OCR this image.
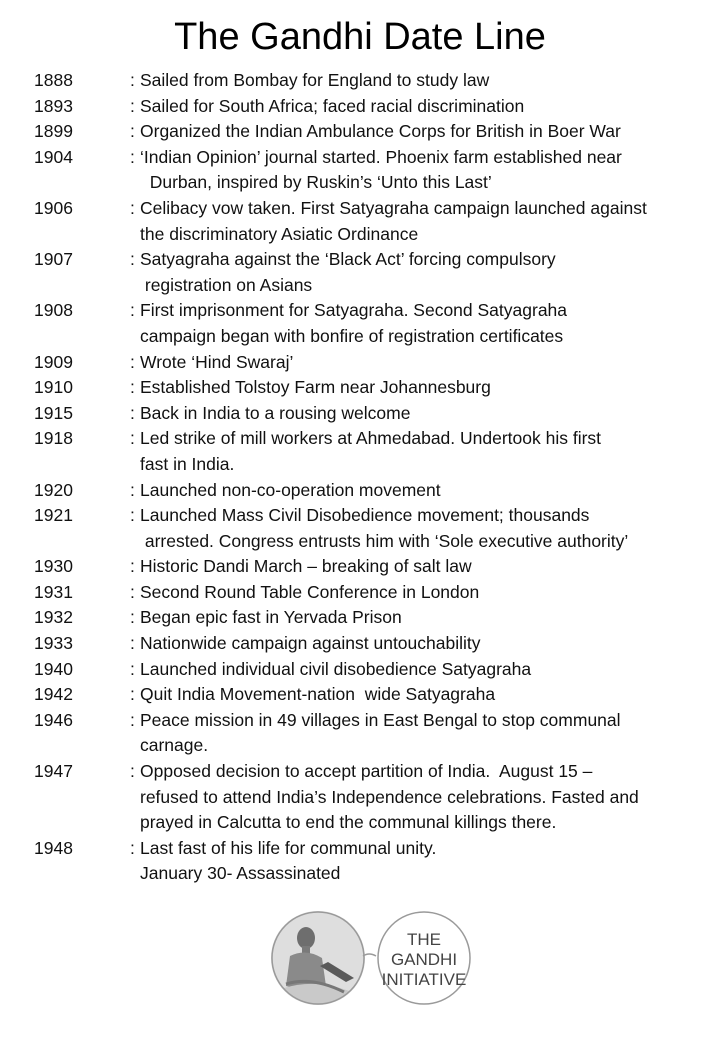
The Gandhi Date Line
1888	: Sailed from Bombay for England to study law
1893	: Sailed for South Africa; faced racial discrimination
1899	: Organized the Indian Ambulance Corps for British in Boer War
1904	: ‘Indian Opinion’ journal started. Phoenix farm established near
Durban, inspired by Ruskin’s ‘Unto this Last’
1906	: Celibacy vow taken. First Satyagraha campaign launched against
the discriminatory Asiatic Ordinance
1907	: Satyagraha against the ‘Black Act’ forcing compulsory
registration on Asians
1908	: First imprisonment for Satyagraha. Second Satyagraha
campaign began with bonfire of registration certificates
1909	: Wrote ‘Hind Swaraj’
1910	: Established Tolstoy Farm near Johannesburg
1915	: Back in India to a rousing welcome
1918	: Led strike of mill workers at Ahmedabad. Undertook his first
fast in India.
1920	: Launched non-co-operation movement
1921	: Launched Mass Civil Disobedience movement; thousands
arrested. Congress entrusts him with ‘Sole executive authority’
1930	: Historic Dandi March – breaking of salt law
1931	: Second Round Table Conference in London
1932	: Began epic fast in Yervada Prison
1933	: Nationwide campaign against untouchability
1940	: Launched individual civil disobedience Satyagraha
1942	: Quit India Movement-nation  wide Satyagraha
1946	: Peace mission in 49 villages in East Bengal to stop communal
carnage.
1947	: Opposed decision to accept partition of India.  August 15 –
refused to attend India’s Independence celebrations. Fasted and
prayed in Calcutta to end the communal killings there.
1948	: Last fast of his life for communal unity.
January 30- Assassinated
THE
GANDHI
INITIATIVE
